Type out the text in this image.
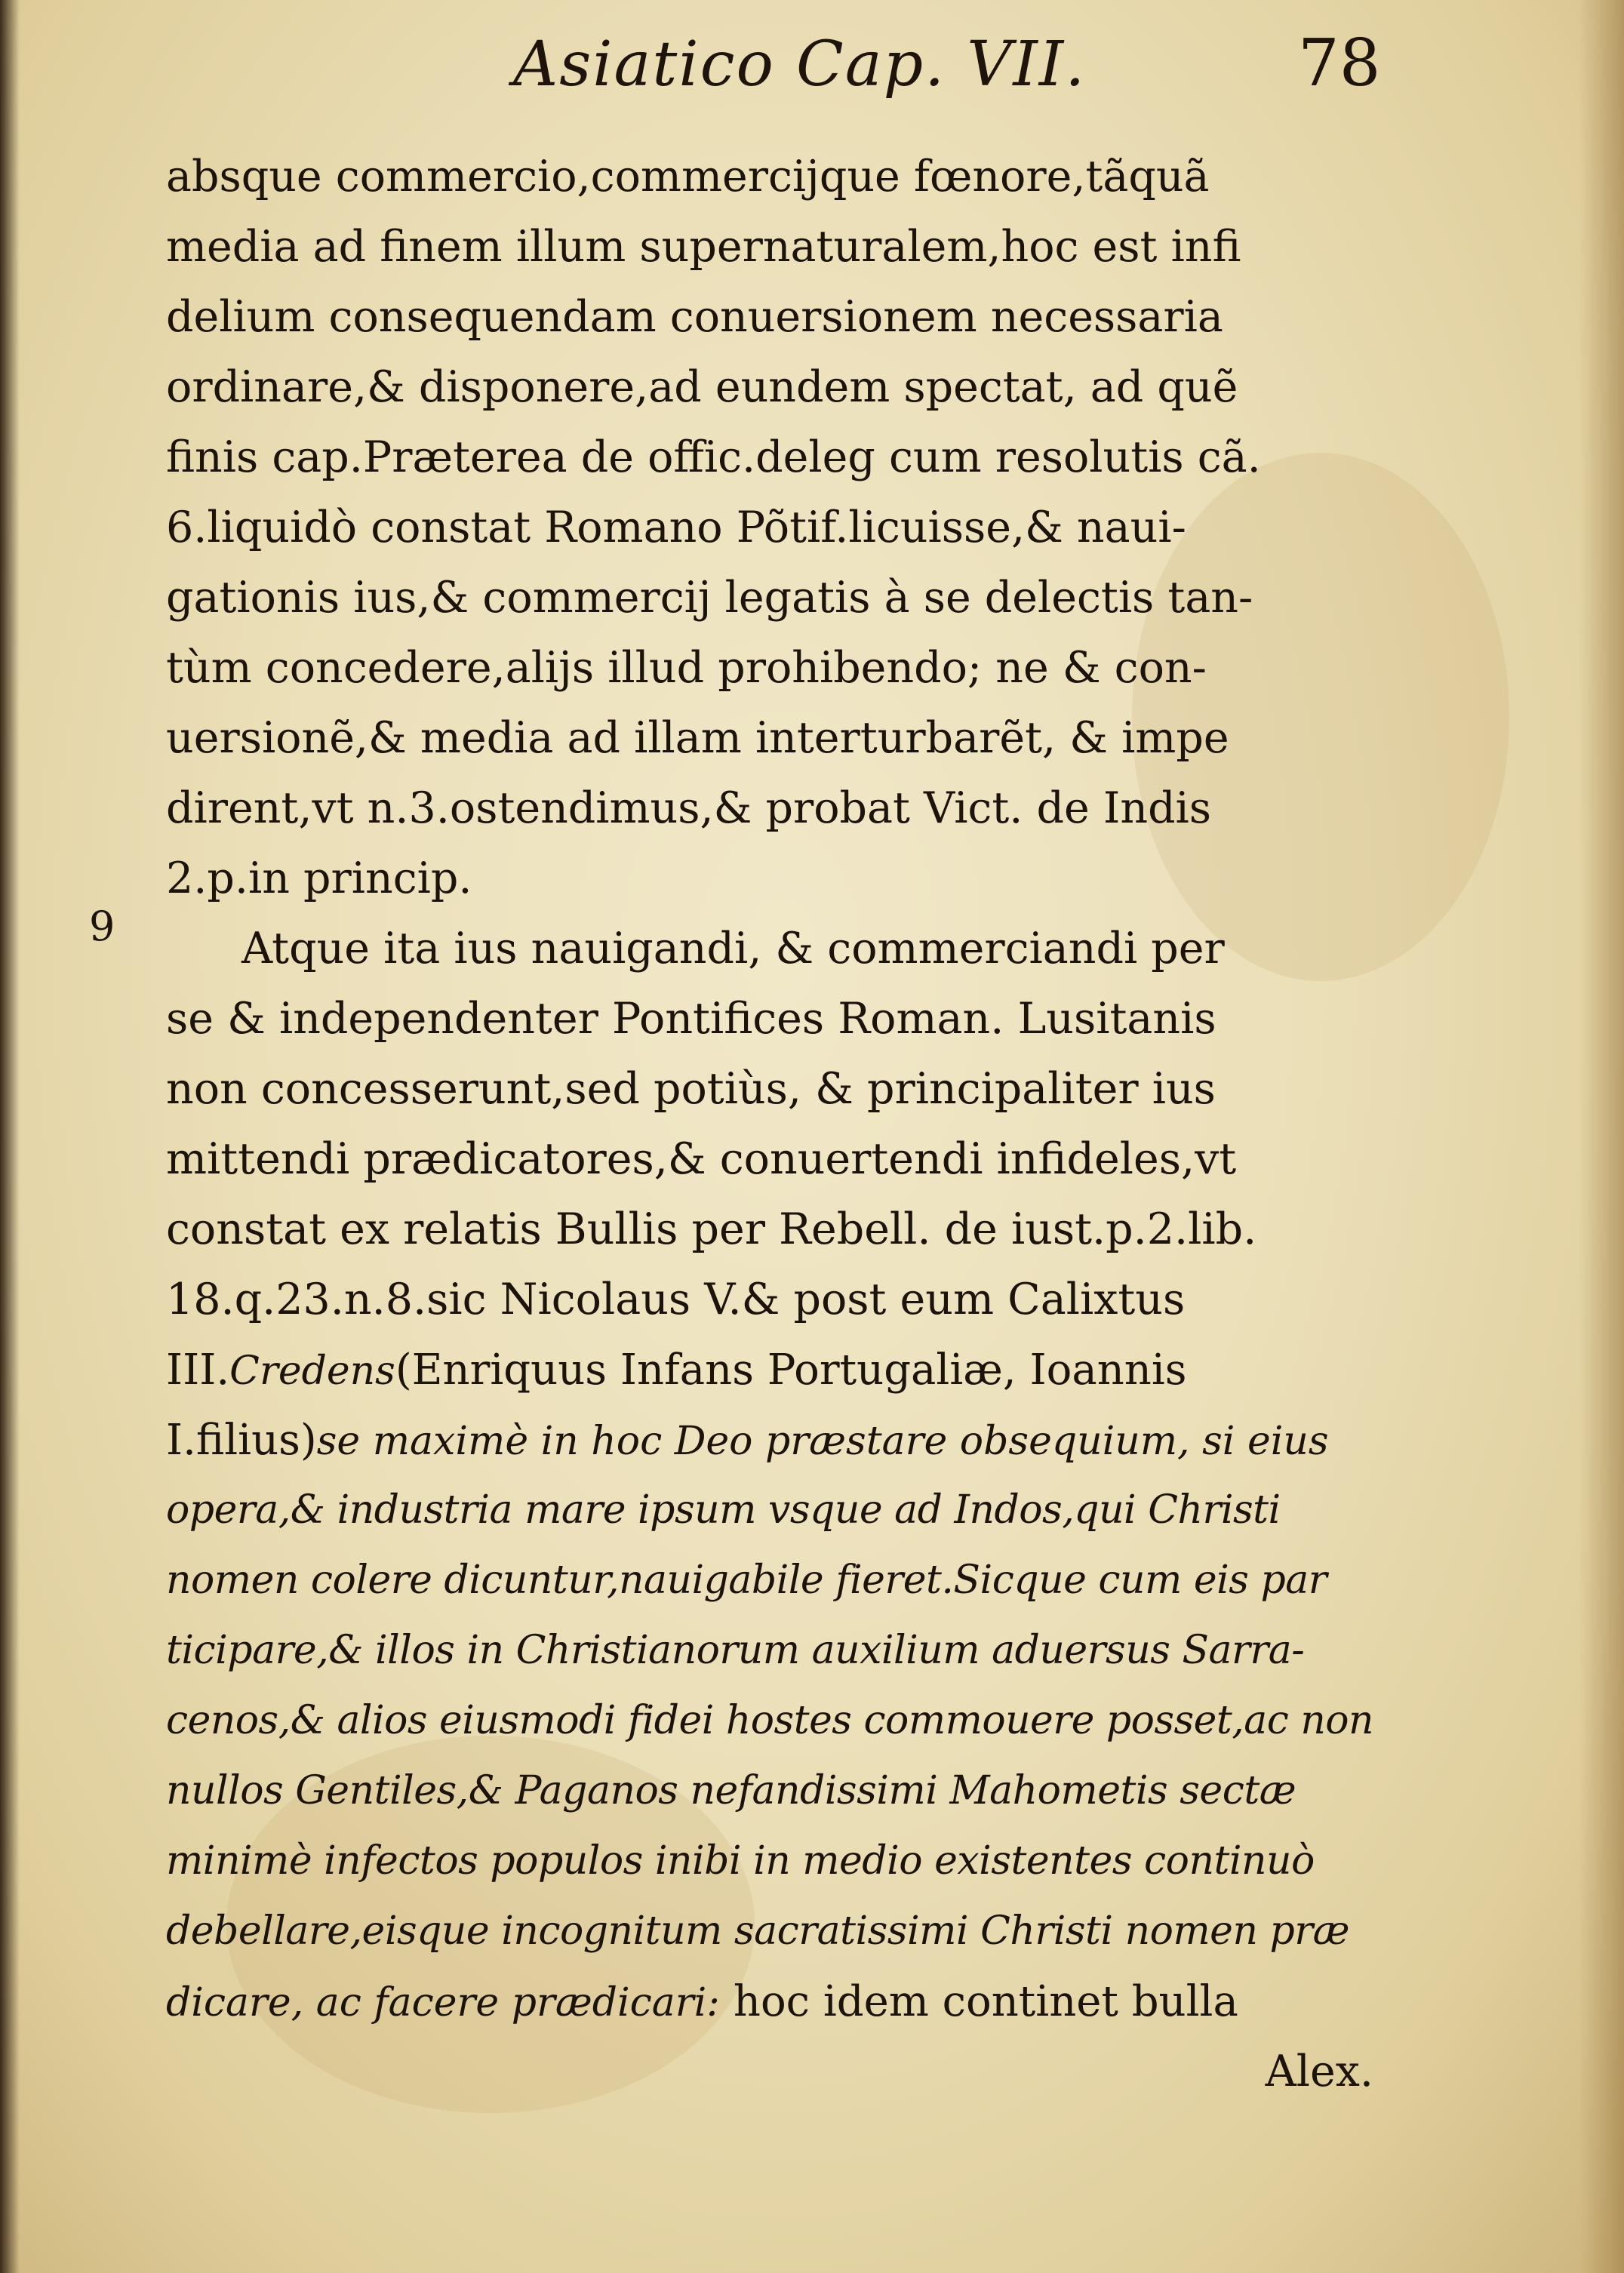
Asiatico Cap. VII.	78
9
absque commercio,commercijque fœnore,tãquã
media ad finem illum supernaturalem,hoc est infi
delium consequendam conuersionem necessaria
ordinare,& disponere,ad eundem spectat, ad quẽ
finis cap.Præterea de offic.deleg cum resolutis cã.
6.liquidò constat Romano Põtif.licuisse,& naui-
gationis ius,& commercij legatis à se delectis tan-
tùm concedere,alijs illud prohibendo; ne & con-
uersionẽ,& media ad illam interturbarẽt, & impe
dirent,vt n.3.ostendimus,& probat Vict. de Indis
2.p.in princip.
Atque ita ius nauigandi, & commerciandi per
se & independenter Pontifices Roman. Lusitanis
non concesserunt,sed potiùs, & principaliter ius
mittendi prædicatores,& conuertendi infideles,vt
constat ex relatis Bullis per Rebell. de iust.p.2.lib.
18.q.23.n.8.sic Nicolaus V.& post eum Calixtus
III.Credens(Enriquus Infans Portugaliæ, Ioannis
I.filius)se maximè in hoc Deo præstare obsequium, si eius
opera,& industria mare ipsum vsque ad Indos,qui Christi
nomen colere dicuntur,nauigabile fieret.Sicque cum eis par
ticipare,& illos in Christianorum auxilium aduersus Sarra-
cenos,& alios eiusmodi fidei hostes commouere posset,ac non
nullos Gentiles,& Paganos nefandissimi Mahometis sectæ
minimè infectos populos inibi in medio existentes continuò
debellare,eisque incognitum sacratissimi Christi nomen præ
dicare, ac facere prædicari: hoc idem continet bulla
Alex.
